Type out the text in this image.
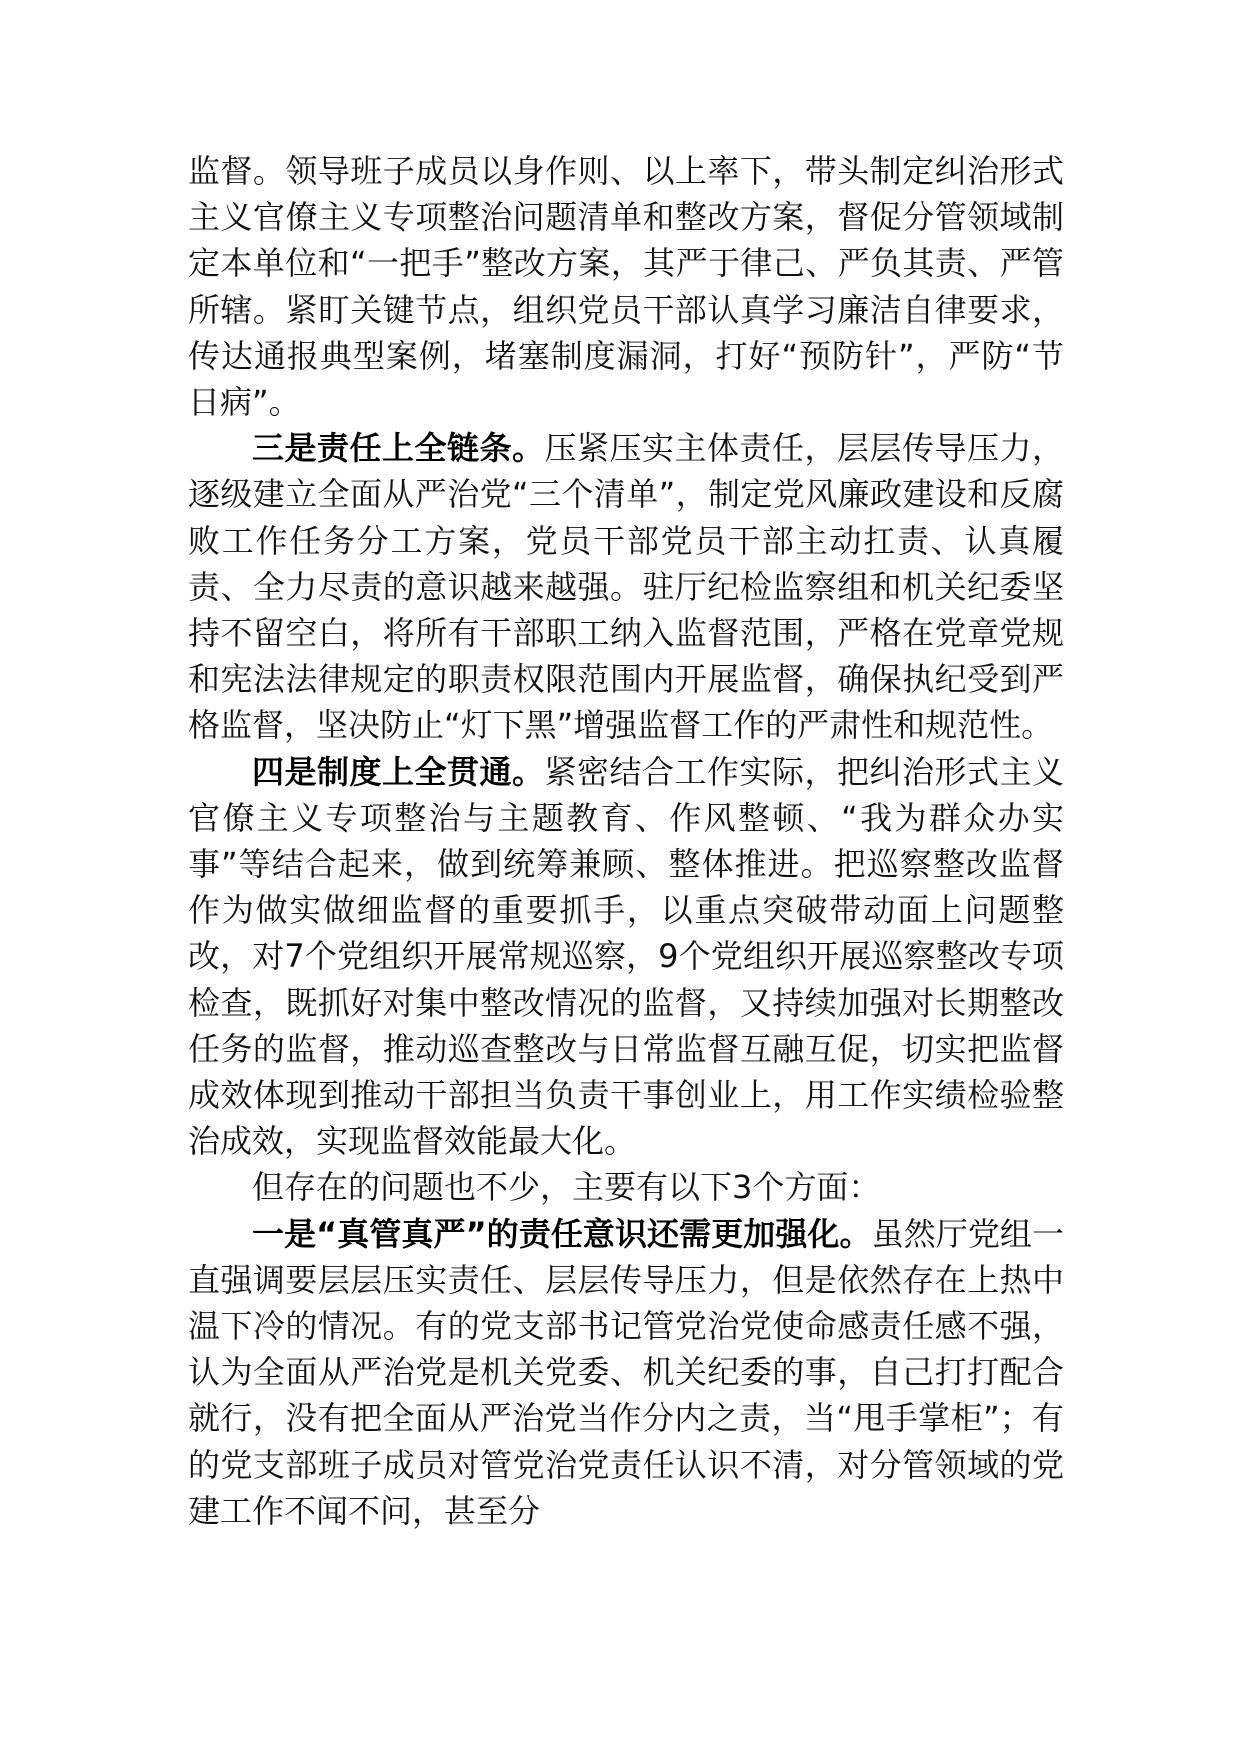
监督。领导班子成员以身作则、以上率下，带头制定纠治形式主义官僚主义专项整治问题清单和整改方案，督促分管领域制定本单位和“一把手”整改方案，其严于律己、严负其责、严管所辖。紧盯关键节点，组织党员干部认真学习廉洁自律要求，传达通报典型案例，堵塞制度漏洞，打好“预防针”，严防“节日病”。

三是责任上全链条。压紧压实主体责任，层层传导压力，逐级建立全面从严治党“三个清单”，制定党风廉政建设和反腐败工作任务分工方案，党员干部党员干部主动扛责、认真履责、全力尽责的意识越来越强。驻厅纪检监察组和机关纪委坚持不留空白，将所有干部职工纳入监督范围，严格在党章党规和宪法法律规定的职责权限范围内开展监督，确保执纪受到严格监督，坚决防止“灯下黑”增强监督工作的严肃性和规范性。

四是制度上全贯通。紧密结合工作实际，把纠治形式主义官僚主义专项整治与主题教育、作风整顿、“我为群众办实事”等结合起来，做到统筹兼顾、整体推进。把巡察整改监督作为做实做细监督的重要抓手，以重点突破带动面上问题整改，对7个党组织开展常规巡察，9个党组织开展巡察整改专项检查，既抓好对集中整改情况的监督，又持续加强对长期整改任务的监督，推动巡查整改与日常监督互融互促，切实把监督成效体现到推动干部担当负责干事创业上，用工作实绩检验整治成效，实现监督效能最大化。

但存在的问题也不少，主要有以下3个方面：

一是“真管真严”的责任意识还需更加强化。虽然厅党组一直强调要层层压实责任、层层传导压力，但是依然存在上热中温下冷的情况。有的党支部书记管党治党使命感责任感不强，认为全面从严治党是机关党委、机关纪委的事，自己打打配合就行，没有把全面从严治党当作分内之责，当“甩手掌柜”；有的党支部班子成员对管党治党责任认识不清，对分管领域的党建工作不闻不问，甚至分
